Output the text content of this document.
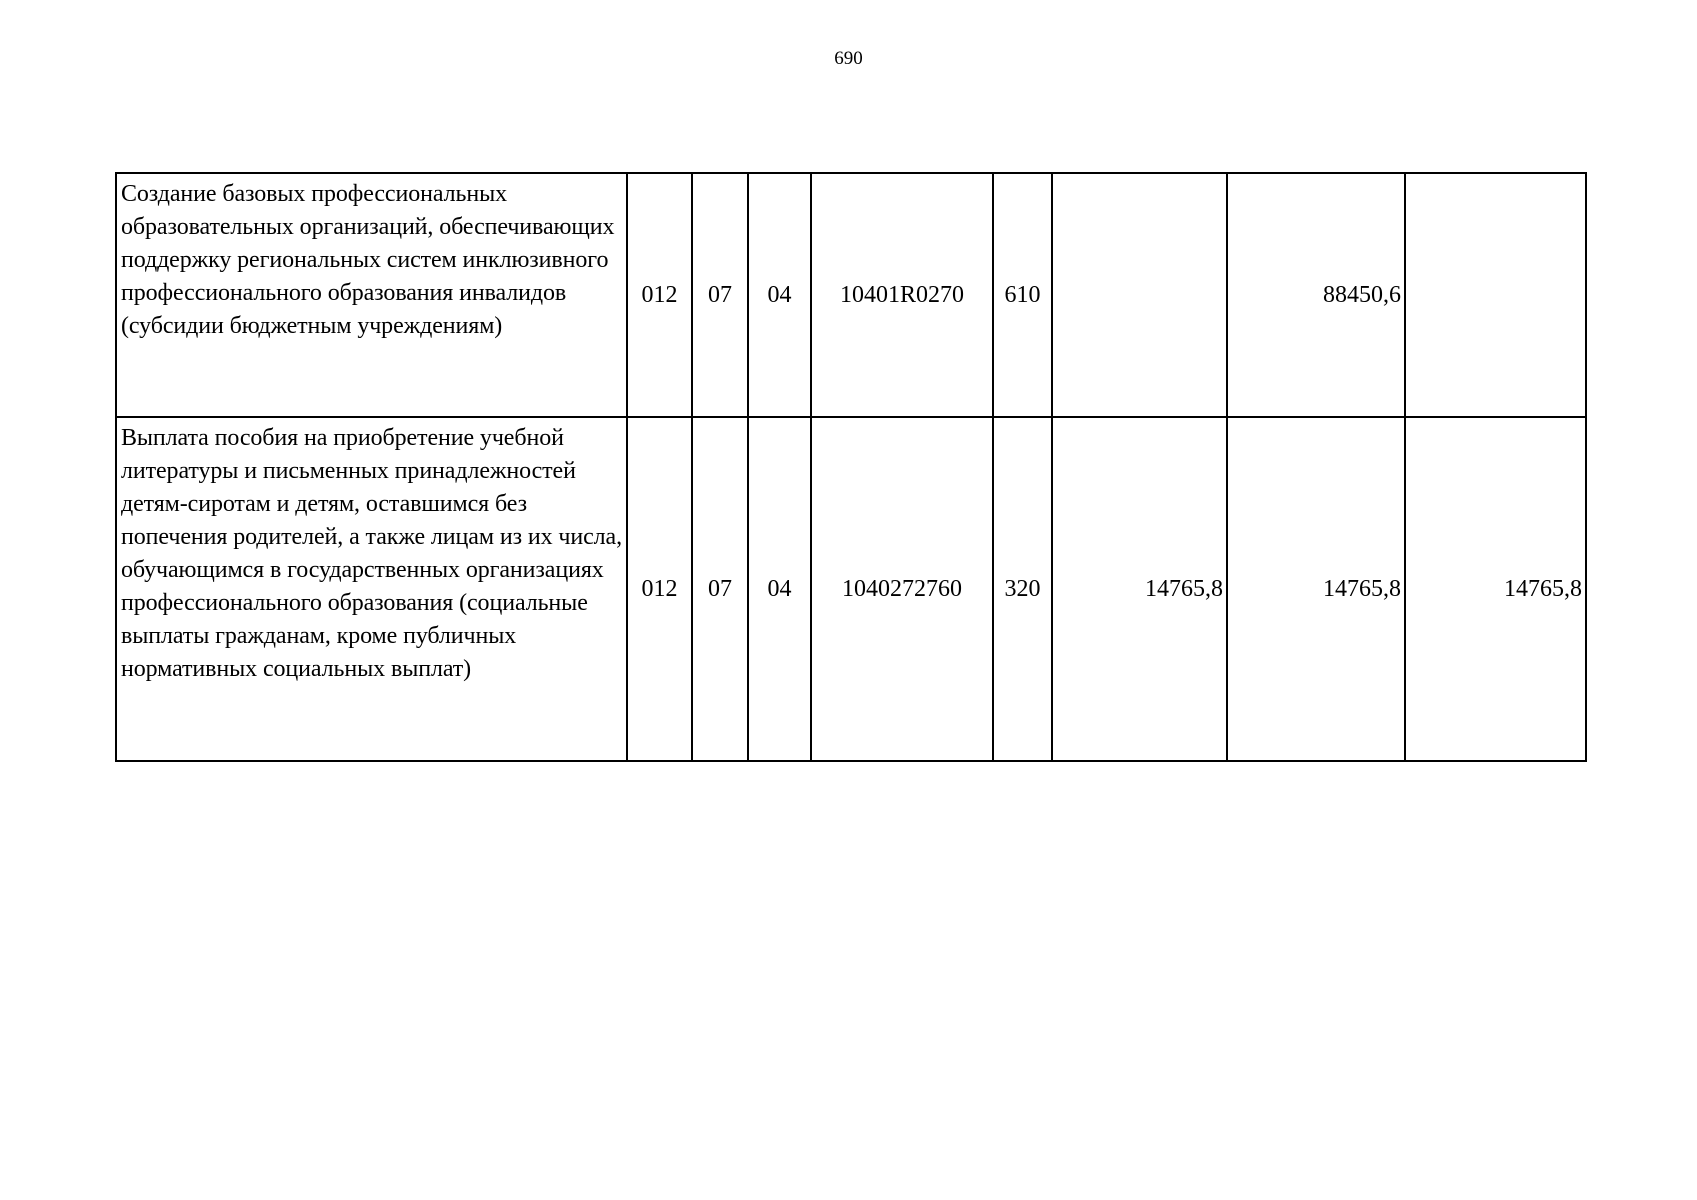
690
Создание базовых профессиональных образовательных организаций, обеспечивающих поддержку региональных систем инклюзивного профессионального образования инвалидов (субсидии бюджетным учреждениям)	012	07	04	10401R0270	610		88450,6	
Выплата пособия на приобретение учебной литературы и письменных принадлежностей детям-сиротам и детям, оставшимся без попечения родителей, а также лицам из их числа, обучающимся в государственных организациях профессионального образования (социальные выплаты гражданам, кроме публичных нормативных социальных выплат)	012	07	04	1040272760	320	14765,8	14765,8	14765,8
